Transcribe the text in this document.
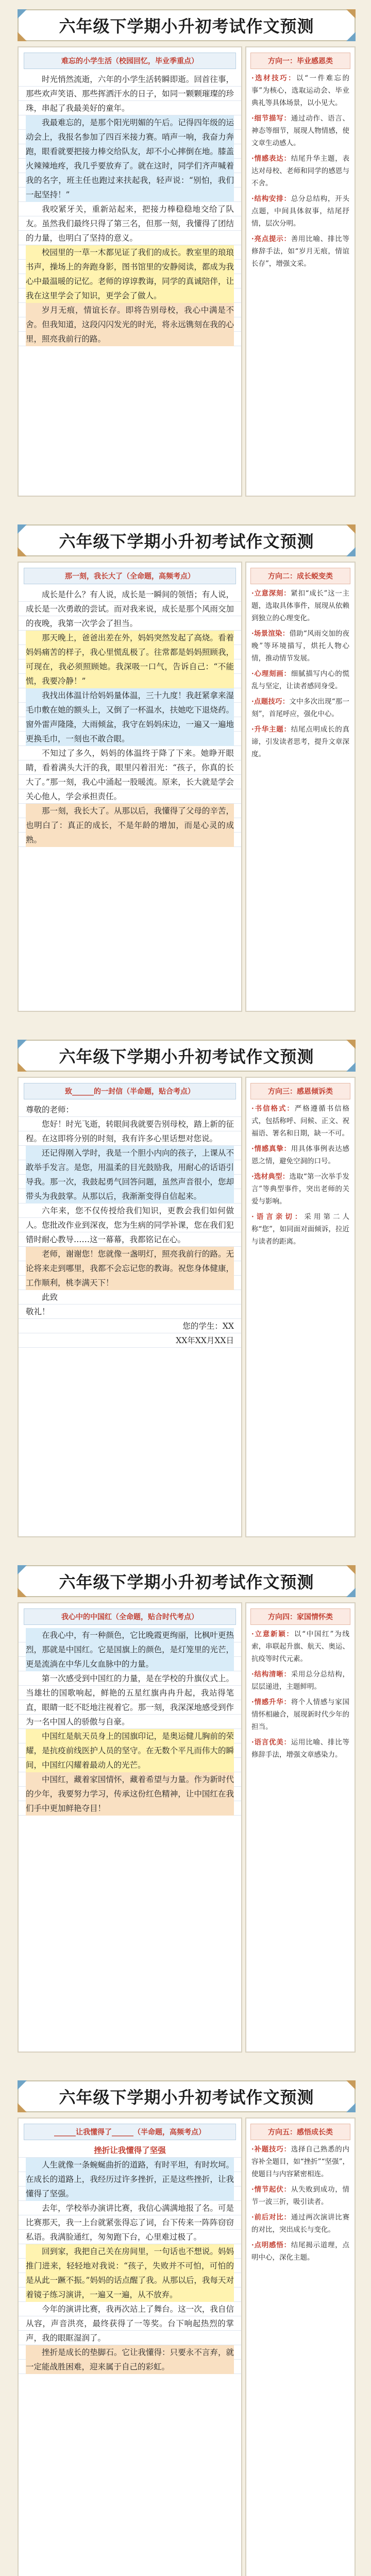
六年级下学期小升初考试作文预测
难忘的小学生活（校园回忆，毕业季重点）

时光悄然流逝，六年的小学生活转瞬即逝。回首往事，那些欢声笑语、那些挥洒汗水的日子，如同一颗颗璀璨的珍珠，串起了我最美好的童年。

我最难忘的，是那个阳光明媚的午后。记得四年级的运动会上，我报名参加了四百米接力赛。哨声一响，我奋力奔跑，眼看就要把接力棒交给队友，却不小心摔倒在地。膝盖火辣辣地疼，我几乎要放弃了。就在这时，同学们齐声喊着我的名字，班主任也跑过来扶起我，轻声说：“别怕，我们一起坚持！”

我咬紧牙关，重新站起来，把接力棒稳稳地交给了队友。虽然我们最终只得了第三名，但那一刻，我懂得了团结的力量，也明白了坚持的意义。

校园里的一草一木都见证了我们的成长。教室里的琅琅书声，操场上的奔跑身影，图书馆里的安静阅读，都成为我心中最温暖的记忆。老师的谆谆教诲，同学的真诚陪伴，让我在这里学会了知识，更学会了做人。

岁月无痕，情谊长存。即将告别母校，我心中满是不舍。但我知道，这段闪闪发光的时光，将永远镌刻在我的心里，照亮我前行的路。

方向一：毕业感恩类
·选材技巧：以“一件难忘的事”为核心，选取运动会、毕业典礼等具体场景，以小见大。
·细节描写：通过动作、语言、神态等细节，展现人物情感，使文章生动感人。
·情感表达：结尾升华主题，表达对母校、老师和同学的感恩与不舍。
·结构安排：总分总结构，开头点题，中间具体叙事，结尾抒情，层次分明。
·亮点提示：善用比喻、排比等修辞手法，如“岁月无痕，情谊长存”，增强文采。
六年级下学期小升初考试作文预测
那一刻，我长大了（全命题，高频考点）

成长是什么？有人说，成长是一瞬间的领悟；有人说，成长是一次勇敢的尝试。而对我来说，成长是那个风雨交加的夜晚，我第一次学会了担当。

那天晚上，爸爸出差在外，妈妈突然发起了高烧。看着妈妈痛苦的样子，我心里慌乱极了。往常都是妈妈照顾我，可现在，我必须照顾她。我深吸一口气，告诉自己：“不能慌，我要冷静！”

我找出体温计给妈妈量体温，三十九度！我赶紧拿来湿毛巾敷在她的额头上，又倒了一杯温水，扶她吃下退烧药。窗外雷声隆隆，大雨倾盆，我守在妈妈床边，一遍又一遍地更换毛巾，一刻也不敢合眼。

不知过了多久，妈妈的体温终于降了下来。她睁开眼睛，看着满头大汗的我，眼里闪着泪光：“孩子，你真的长大了。”那一刻，我心中涌起一股暖流。原来，长大就是学会关心他人，学会承担责任。

那一刻，我长大了。从那以后，我懂得了父母的辛苦，也明白了：真正的成长，不是年龄的增加，而是心灵的成熟。

方向二：成长蜕变类
·立意深刻：紧扣“成长”这一主题，选取具体事件，展现从依赖到独立的心理变化。
·场景渲染：借助“风雨交加的夜晚”等环境描写，烘托人物心情，推动情节发展。
·心理刻画：细腻描写内心的慌乱与坚定，让读者感同身受。
·点题技巧：文中多次出现“那一刻”，首尾呼应，强化中心。
·升华主题：结尾点明成长的真谛，引发读者思考，提升文章深度。
六年级下学期小升初考试作文预测
致______的一封信（半命题，贴合考点）

尊敬的老师：

您好！时光飞逝，转眼间我就要告别母校，踏上新的征程。在这即将分别的时刻，我有许多心里话想对您说。

还记得刚入学时，我是一个胆小内向的孩子，上课从不敢举手发言。是您，用温柔的目光鼓励我，用耐心的话语引导我。那一次，我鼓起勇气回答问题，虽然声音很小，您却带头为我鼓掌。从那以后，我渐渐变得自信起来。

六年来，您不仅传授给我们知识，更教会我们如何做人。您批改作业到深夜，您为生病的同学补课，您在我们犯错时耐心教导……这一幕幕，我都铭记在心。

老师，谢谢您！您就像一盏明灯，照亮我前行的路。无论将来走到哪里，我都不会忘记您的教诲。祝您身体健康，工作顺利，桃李满天下！

此致

敬礼！

您的学生：XX

XX年XX月XX日

方向三：感恩倾诉类
·书信格式：严格遵循书信格式，包括称呼、问候、正文、祝福语、署名和日期，缺一不可。
·情感真挚：用具体事例表达感恩之情，避免空洞的口号。
·选材典型：选取“第一次举手发言”等典型事件，突出老师的关爱与影响。
·语言亲切：采用第二人称“您”，如同面对面倾诉，拉近与读者的距离。
六年级下学期小升初考试作文预测
我心中的中国红（全命题，贴合时代考点）

在我心中，有一种颜色，它比晚霞更绚丽，比枫叶更热烈，那就是中国红。它是国旗上的颜色，是灯笼里的光芒，更是流淌在中华儿女血脉中的力量。

第一次感受到中国红的力量，是在学校的升旗仪式上。当雄壮的国歌响起，鲜艳的五星红旗冉冉升起，我站得笔直，眼睛一眨不眨地注视着它。那一刻，我深深地感受到作为一名中国人的骄傲与自豪。

中国红是航天员身上的国旗印记，是奥运健儿胸前的荣耀，是抗疫前线医护人员的坚守。在无数个平凡而伟大的瞬间，中国红闪耀着最动人的光芒。

中国红，藏着家国情怀，藏着希望与力量。作为新时代的少年，我要努力学习，传承这份红色精神，让中国红在我们手中更加鲜艳夺目！

方向四：家国情怀类
·立意新颖：以“中国红”为线索，串联起升旗、航天、奥运、抗疫等时代元素。
·结构清晰：采用总分总结构，层层递进，主题鲜明。
·情感升华：将个人情感与家国情怀相融合，展现新时代少年的担当。
·语言优美：运用比喻、排比等修辞手法，增强文章感染力。
六年级下学期小升初考试作文预测
______让我懂得了______（半命题，高频考点）

挫折让我懂得了坚强

人生就像一条蜿蜒曲折的道路，有时平坦，有时坎坷。在成长的道路上，我经历过许多挫折，正是这些挫折，让我懂得了坚强。

去年，学校举办演讲比赛，我信心满满地报了名。可是比赛那天，我一上台就紧张得忘了词，台下传来一阵阵窃窃私语。我满脸通红，匆匆跑下台，心里难过极了。

回到家，我把自己关在房间里，一句话也不想说。妈妈推门进来，轻轻地对我说：“孩子，失败并不可怕，可怕的是从此一蹶不振。”妈妈的话点醒了我。从那以后，我每天对着镜子练习演讲，一遍又一遍，从不放弃。

今年的演讲比赛，我再次站上了舞台。这一次，我自信从容，声音洪亮，最终获得了一等奖。台下响起热烈的掌声，我的眼眶湿润了。

挫折是成长的垫脚石。它让我懂得：只要永不言弃，就一定能战胜困难，迎来属于自己的彩虹。

方向五：感悟成长类
·补题技巧：选择自己熟悉的内容补全题目，如“挫折”“坚强”，使题目与内容紧密相连。
·情节起伏：从失败到成功，情节一波三折，吸引读者。
·前后对比：通过两次演讲比赛的对比，突出成长与变化。
·点明感悟：结尾揭示道理，点明中心，深化主题。
